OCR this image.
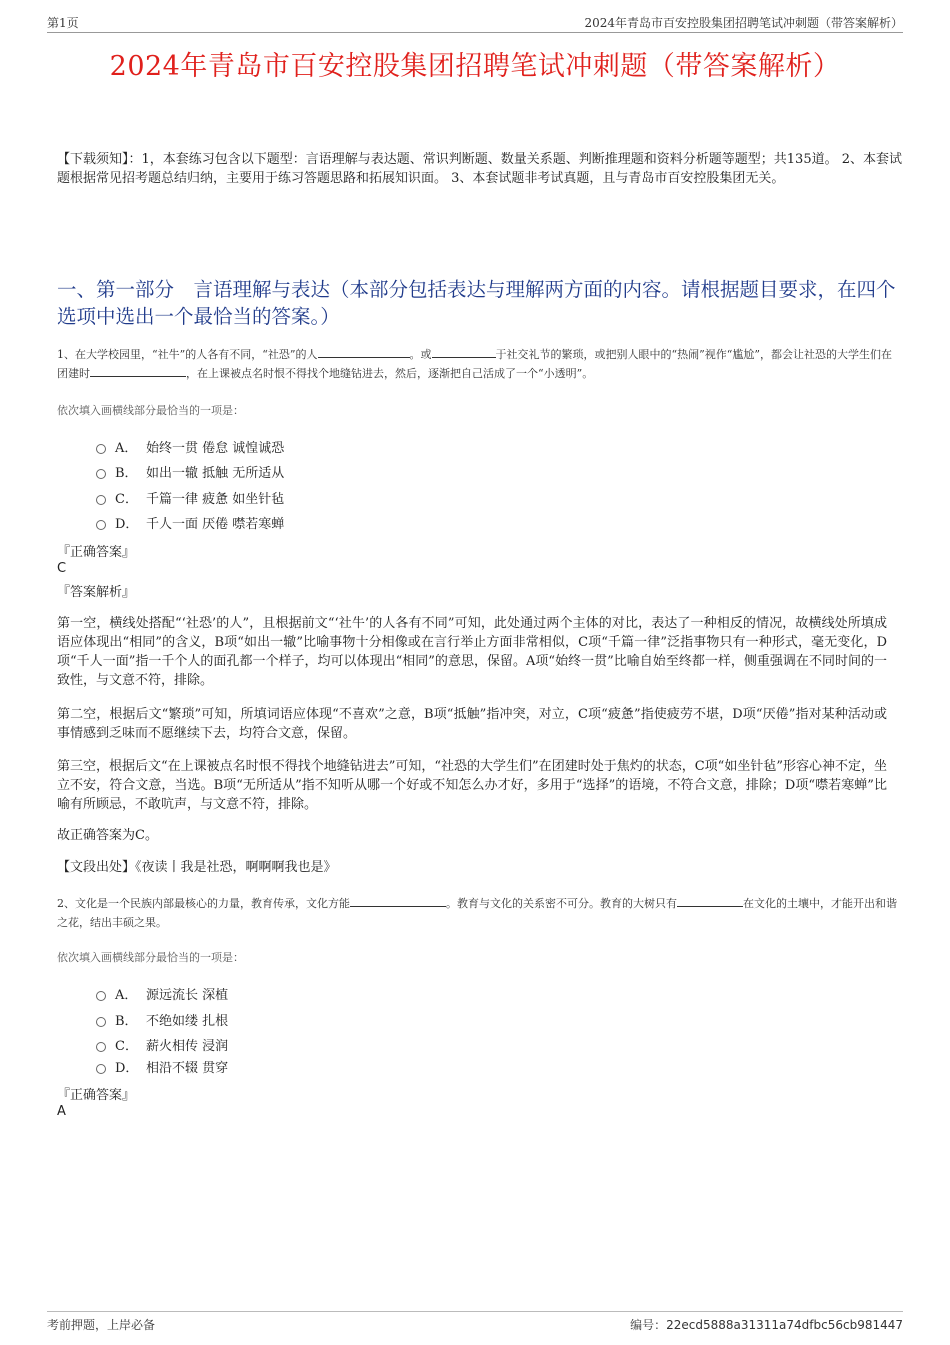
第1页	2024年青岛市百安控股集团招聘笔试冲刺题（带答案解析）
2024年青岛市百安控股集团招聘笔试冲刺题（带答案解析）
【下载须知】：1，本套练习包含以下题型：言语理解与表达题、常识判断题、数量关系题、判断推理题和资料分析题等题型；共135道。 2、本套试题根据常见招考题总结归纳，主要用于练习答题思路和拓展知识面。 3、本套试题非考试真题，且与青岛市百安控股集团无关。
一、第一部分　言语理解与表达（本部分包括表达与理解两方面的内容。请根据题目要求，在四个选项中选出一个最恰当的答案。）
1、在大学校园里，“社牛”的人各有不同，“社恐”的人	。或	于社交礼节的繁琐，或把别人眼中的“热闹”视作“尴尬”，都会让社恐的大学生们在团建时	，在上课被点名时恨不得找个地缝钻进去，然后，逐渐把自己活成了一个“小透明”。
依次填入画横线部分最恰当的一项是：
A． 始终一贯 倦怠 诚惶诚恐
B． 如出一辙 抵触 无所适从
C． 千篇一律 疲惫 如坐针毡
D． 千人一面 厌倦 噤若寒蝉
『正确答案』
C
『答案解析』
第一空，横线处搭配“‘社恐’的人”，且根据前文“‘社牛’的人各有不同”可知，此处通过两个主体的对比，表达了一种相反的情况，故横线处所填成语应体现出“相同”的含义，B项“如出一辙”比喻事物十分相像或在言行举止方面非常相似，C项“千篇一律”泛指事物只有一种形式，毫无变化，D项“千人一面”指一千个人的面孔都一个样子，均可以体现出“相同”的意思，保留。A项“始终一贯”比喻自始至终都一样，侧重强调在不同时间的一致性，与文意不符，排除。
第二空，根据后文“繁琐”可知，所填词语应体现“不喜欢”之意，B项“抵触”指冲突，对立，C项“疲惫”指使疲劳不堪，D项“厌倦”指对某种活动或事情感到乏味而不愿继续下去，均符合文意，保留。
第三空，根据后文“在上课被点名时恨不得找个地缝钻进去”可知，“社恐的大学生们”在团建时处于焦灼的状态，C项“如坐针毡”形容心神不定，坐立不安，符合文意，当选。B项“无所适从”指不知听从哪一个好或不知怎么办才好，多用于“选择”的语境，不符合文意，排除；D项“噤若寒蝉”比喻有所顾忌，不敢吭声，与文意不符，排除。
故正确答案为C。
【文段出处】《夜读丨我是社恐，啊啊啊我也是》
2、文化是一个民族内部最核心的力量，教育传承，文化方能	。教育与文化的关系密不可分。教育的大树只有	在文化的土壤中，才能开出和谐之花，结出丰硕之果。
依次填入画横线部分最恰当的一项是：
A． 源远流长 深植
B． 不绝如缕 扎根
C． 薪火相传 浸润
D． 相沿不辍 贯穿
『正确答案』
A
考前押题，上岸必备	编号：22ecd5888a31311a74dfbc56cb981447
